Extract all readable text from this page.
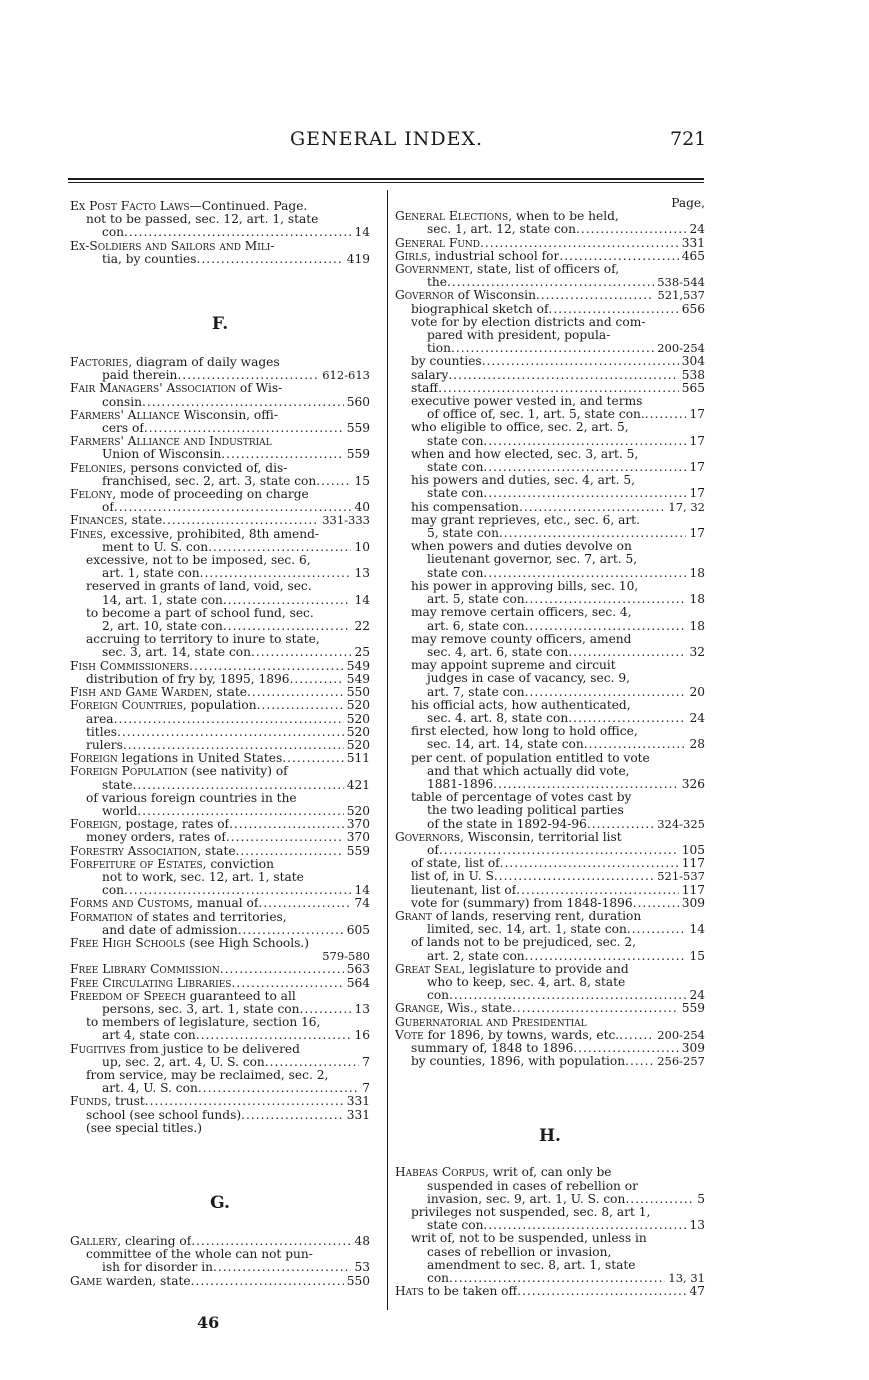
GENERAL INDEX.	721
Ex Post Facto Laws—Continued. Page.
not to be passed, sec. 12, art. 1, state
con .....	14
Ex-Soldiers and Sailors and Mili-
tia, by counties .....	419
F.
Factories, diagram of daily wages
paid therein .....	612-613
Fair Managers' Association of Wis-
consin .....	560
Farmers' Alliance Wisconsin, offi-
cers of .....	559
Farmers' Alliance and Industrial
Union of Wisconsin .....	559
Felonies, persons convicted of, dis-
franchised, sec. 2, art. 3, state con .....	15
Felony, mode of proceeding on charge
of .....	40
Finances, state .....	331-333
Fines, excessive, prohibited, 8th amend-
ment to U. S. con .....	10
excessive, not to be imposed, sec. 6,
art. 1, state con .....	13
reserved in grants of land, void, sec.
14, art. 1, state con .....	14
to become a part of school fund, sec.
2, art. 10, state con .....	22
accruing to territory to inure to state,
sec. 3, art. 14, state con .....	25
Fish Commissioners .....	549
distribution of fry by, 1895, 1896 .....	549
Fish and Game Warden, state .....	550
Foreign Countries, population .....	520
area .....	520
titles .....	520
rulers .....	520
Foreign legations in United States .....	511
Foreign Population (see nativity) of
state .....	421
of various foreign countries in the
world .....	520
Foreign, postage, rates of .....	370
money orders, rates of .....	370
Forestry Association, state .....	559
Forfeiture of Estates, conviction
not to work, sec. 12, art. 1, state
con .....	14
Forms and Customs, manual of .....	74
Formation of states and territories,
and date of admission .....	605
Free High Schools (see High Schools.)
579-580
Free Library Commission .....	563
Free Circulating Libraries .....	564
Freedom of Speech guaranteed to all
persons, sec. 3, art. 1, state con .....	13
to members of legislature, section 16,
art 4, state con .....	16
Fugitives from justice to be delivered
up, sec. 2, art. 4, U. S. con .....	7
from service, may be reclaimed, sec. 2,
art. 4, U. S. con .....	7
Funds, trust .....	331
school (see school funds) .....	331
(see special titles.)
G.
Gallery, clearing of .....	48
committee of the whole can not pun-
ish for disorder in .....	53
Game warden, state .....	550
Page,
General Elections, when to be held,
sec. 1, art. 12, state con .....	24
General Fund .....	331
Girls, industrial school for .....	465
Government, state, list of officers of,
the .....	538-544
Governor of Wisconsin .....	521,537
biographical sketch of .....	656
vote for by election districts and com-
pared with president, popula-
tion .....	200-254
by counties .....	304
salary .....	538
staff .....	565
executive power vested in, and terms
of office of, sec. 1, art. 5, state con. .....	17
who eligible to office, sec. 2, art. 5,
state con .....	17
when and how elected, sec. 3, art. 5,
state con .....	17
his powers and duties, sec. 4, art. 5,
state con .....	17
his compensation .....	17, 32
may grant reprieves, etc., sec. 6, art.
5, state con .....	17
when powers and duties devolve on
lieutenant governor, sec. 7, art. 5,
state con .....	18
his power in approving bills, sec. 10,
art. 5, state con .....	18
may remove certain officers, sec. 4,
art. 6, state con .....	18
may remove county officers, amend
sec. 4, art. 6, state con .....	32
may appoint supreme and circuit
judges in case of vacancy, sec. 9,
art. 7, state con .....	20
his official acts, how authenticated,
sec. 4. art. 8, state con .....	24
first elected, how long to hold office,
sec. 14, art. 14, state con .....	28
per cent. of population entitled to vote
and that which actually did vote,
1881-1896 .....	326
table of percentage of votes cast by
the two leading political parties
of the state in 1892-94-96 .....	324-325
Governors, Wisconsin, territorial list
of .....	105
of state, list of .....	117
list of, in U. S .....	521-537
lieutenant, list of .....	117
vote for (summary) from 1848-1896 .....	309
Grant of lands, reserving rent, duration
limited, sec. 14, art. 1, state con .....	14
of lands not to be prejudiced, sec. 2,
art. 2, state con .....	15
Great Seal, legislature to provide and
who to keep, sec. 4, art. 8, state
con .....	24
Grange, Wis., state .....	559
Gubernatorial and Presidential
Vote for 1896, by towns, wards, etc. .....	200-254
summary of, 1848 to 1896 .....	309
by counties, 1896, with population .....	256-257
H.
Habeas Corpus, writ of, can only be
suspended in cases of rebellion or
invasion, sec. 9, art. 1, U. S. con .....	5
privileges not suspended, sec. 8, art 1,
state con .....	13
writ of, not to be suspended, unless in
cases of rebellion or invasion,
amendment to sec. 8, art. 1, state
con .....	13, 31
Hats to be taken off .....	47
46
